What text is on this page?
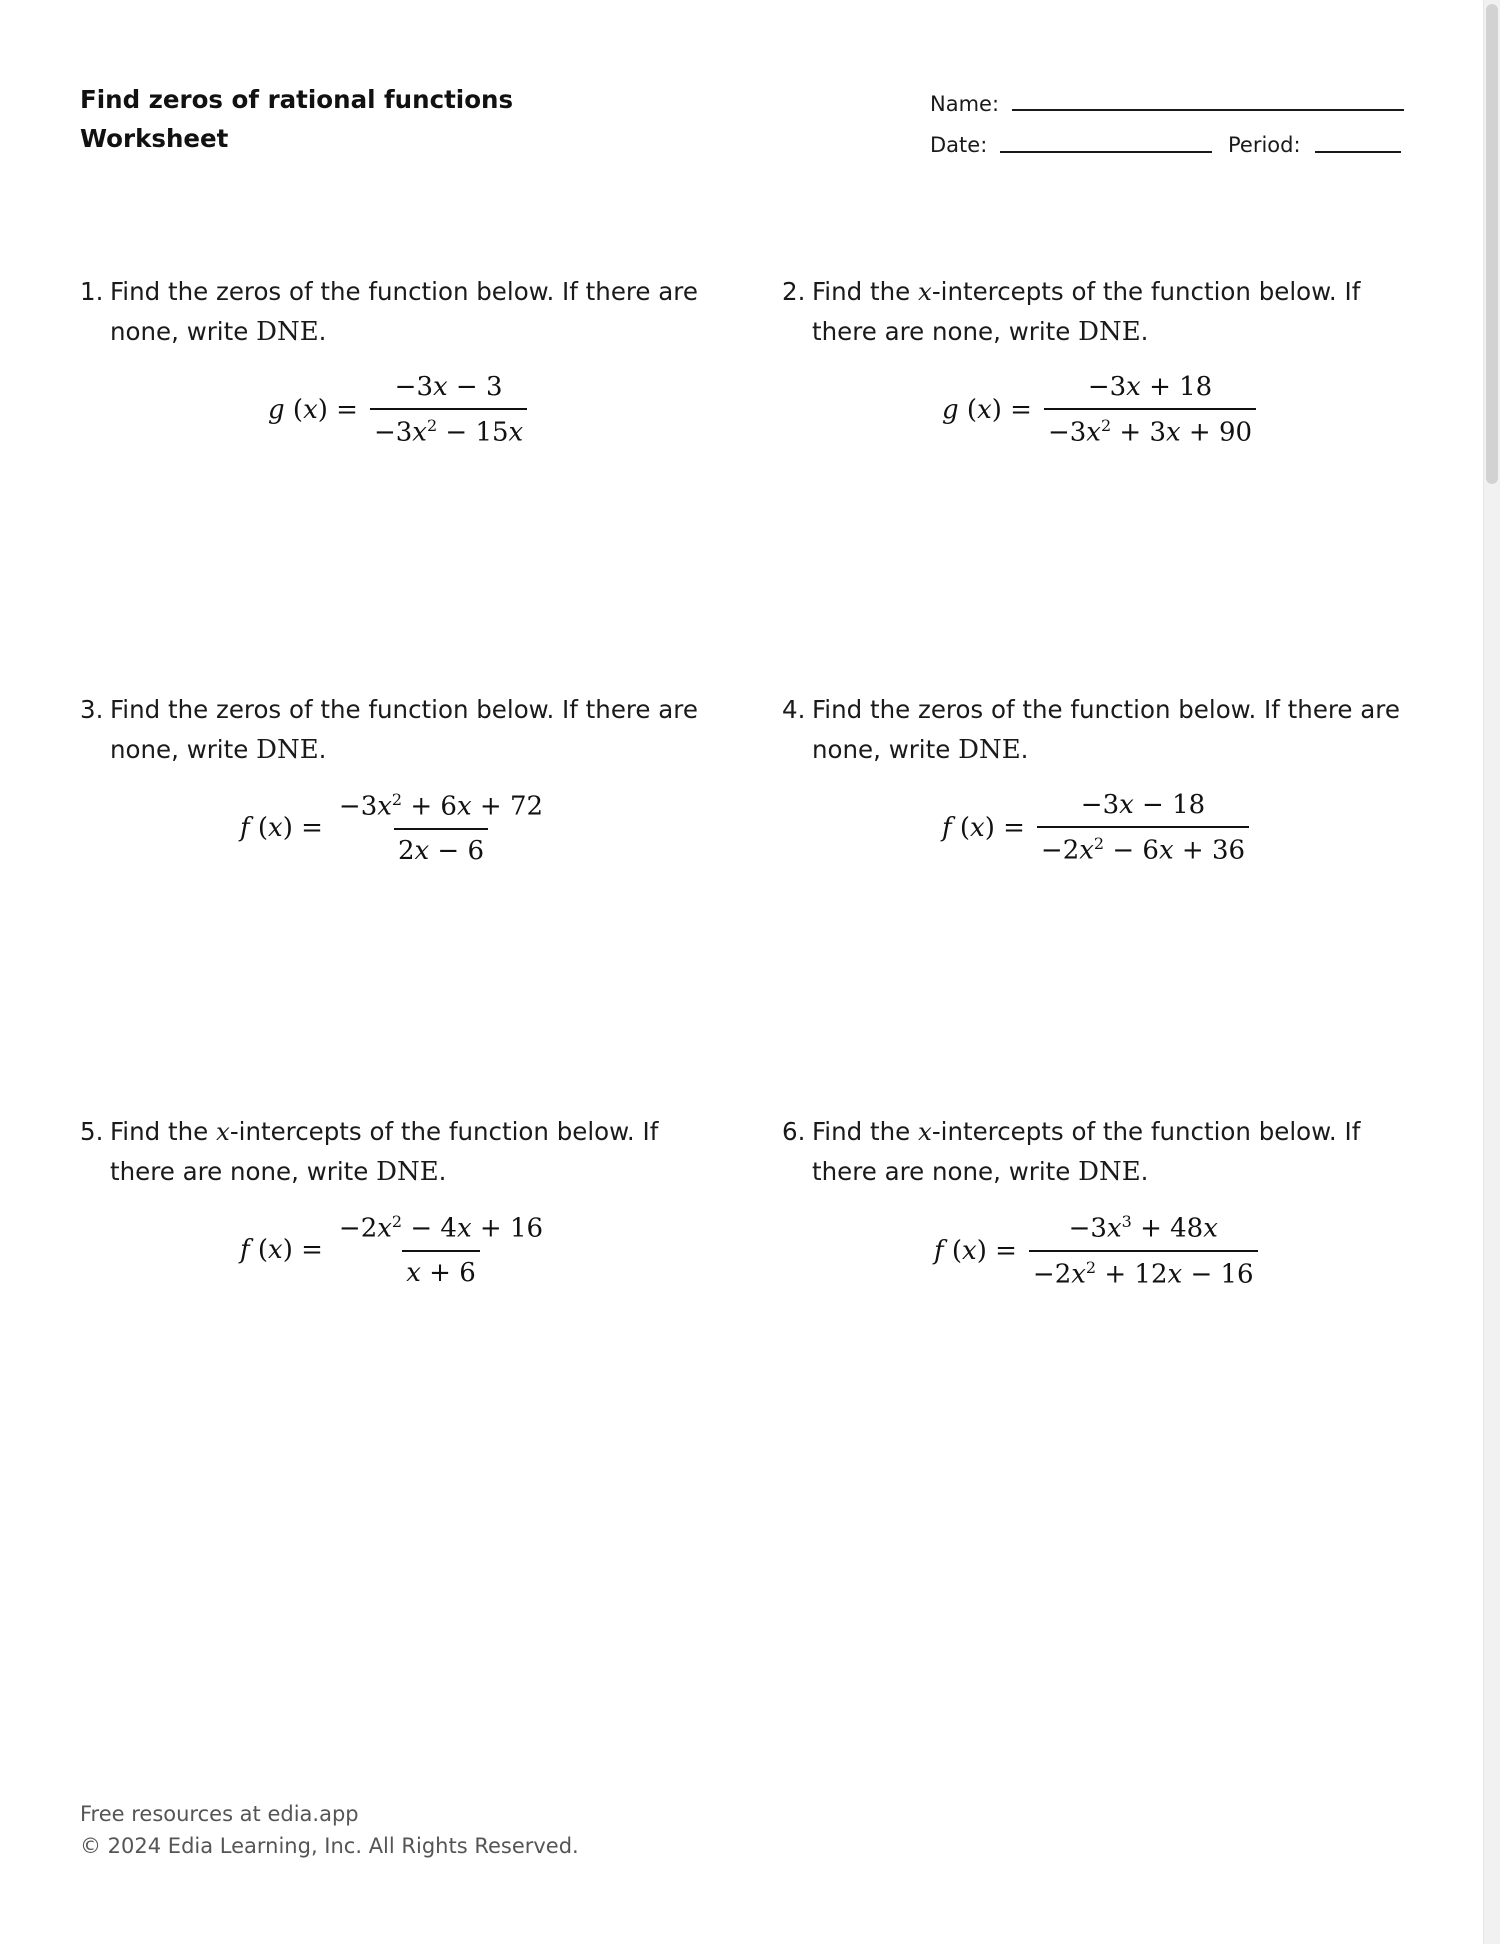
Find zeros of rational functions
Worksheet
Name:
Date:	Period:
1. Find the zeros of the function below. If there are none, write DNE.
g $(x) = \frac{-3x - 3}{-3x^2 - 15x}$
2. Find the x-intercepts of the function below. If there are none, write DNE.
g $(x) = \frac{-3x + 18}{-3x^2 + 3x + 90}$
3. Find the zeros of the function below. If there are none, write DNE.
f $(x) = \frac{-3x^2 + 6x + 72}{2x - 6}$
4. Find the zeros of the function below. If there are none, write DNE.
f $(x) = \frac{-3x - 18}{-2x^2 - 6x + 36}$
5. Find the x-intercepts of the function below. If there are none, write DNE.
f $(x) = \frac{-2x^2 - 4x + 16}{x + 6}$
6. Find the x-intercepts of the function below. If there are none, write DNE.
f $(x) = \frac{-3x^3 + 48x}{-2x^2 + 12x - 16}$
Free resources at edia.app
© 2024 Edia Learning, Inc. All Rights Reserved.
